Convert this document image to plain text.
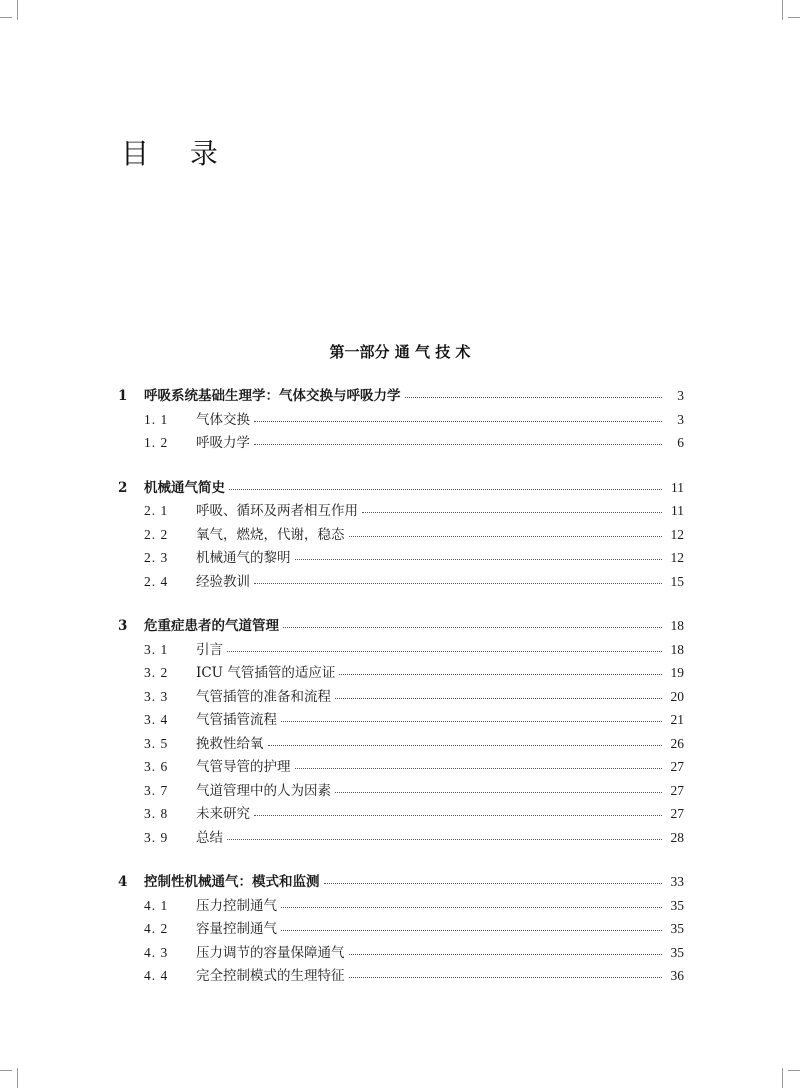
目 录
第一部分 通 气 技 术
1	呼吸系统基础生理学：气体交换与呼吸力学	3
1. 1	气体交换	3
1. 2	呼吸力学	6
2	机械通气简史	11
2. 1	呼吸、循环及两者相互作用	11
2. 2	氧气，燃烧，代谢，稳态	12
2. 3	机械通气的黎明	12
2. 4	经验教训	15
3	危重症患者的气道管理	18
3. 1	引言	18
3. 2	ICU 气管插管的适应证	19
3. 3	气管插管的准备和流程	20
3. 4	气管插管流程	21
3. 5	挽救性给氧	26
3. 6	气管导管的护理	27
3. 7	气道管理中的人为因素	27
3. 8	未来研究	27
3. 9	总结	28
4	控制性机械通气：模式和监测	33
4. 1	压力控制通气	35
4. 2	容量控制通气	35
4. 3	压力调节的容量保障通气	35
4. 4	完全控制模式的生理特征	36
